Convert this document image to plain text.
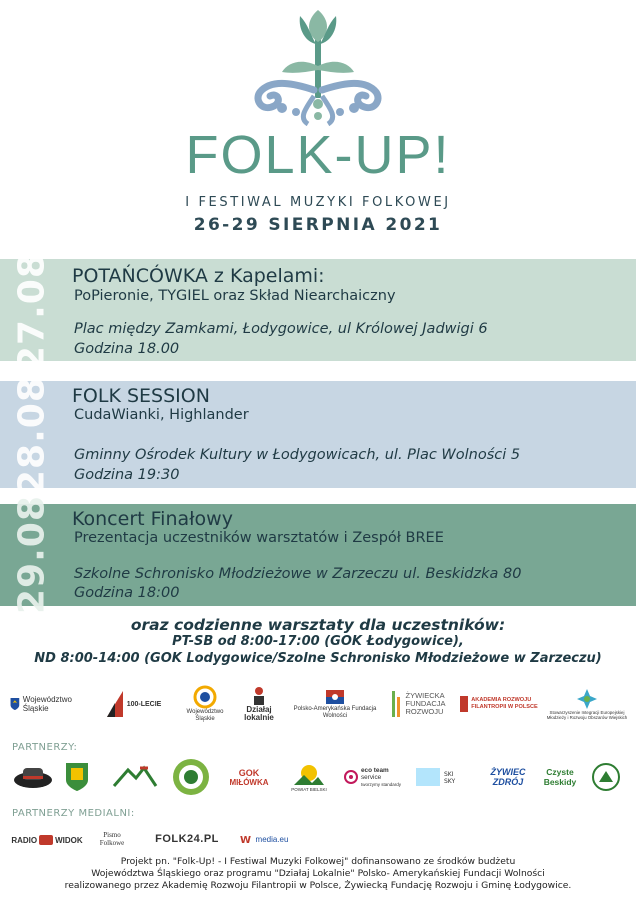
FOLK-UP!
I FESTIWAL MUZYKI FOLKOWEJ
26-29 SIERPNIA 2021
27.08 POTAŃCÓWKA z Kapelami:
PoPieronie, TYGIEL oraz Skład Niearchaiczny
Plac między Zamkami, Łodygowice, ul Królowej Jadwigi 6
Godzina 18.00
28.08 FOLK SESSION
CudaWianki, Highlander
Gminny Ośrodek Kultury w Łodygowicach, ul. Plac Wolności 5
Godzina 19:30
29.08 Koncert Finałowy
Prezentacja uczestników warsztatów i Zespół BREE
Szkolne Schronisko Młodzieżowe w Zarzeczu ul. Beskidzka 80
Godzina 18:00
oraz codzienne warsztaty dla uczestników:
PT-SB od 8:00-17:00 (GOK Łodygowice),
ND 8:00-14:00 (GOK Lodygowice/Szolne Schronisko Młodzieżowe w Zarzeczu)
Województwo
Śląskie	100-LECIE
Województwo Śląskie
Działaj
lokalnie
Polsko-Amerykańska Fundacja Wolności
ŻYWIECKA
FUNDACJA
ROZWOJU
AKADEMIA ROZWOJU
FILANTROPII W POLSCE
Stowarzyszenie Integracji Europejskiej Młodzieży i Rozwoju Obszarów Wiejskich
PARTNERZY:
GOK
MIŁÓWKA
POWIAT BIELSKI
eco team
service
tworzymy standardy
SKI
SKY
ŻYWIEC ZDRÓJ
Czyste
Beskidy
PARTNERZY MEDIALNI:
RADIO WIDOK
Pismo
Folkowe	FOLK24.PL W media.eu
Projekt pn. "Folk-Up! - I Festiwal Muzyki Folkowej" dofinansowano ze środków budżetu
Województwa Śląskiego oraz programu "Działaj Lokalnie" Polsko- Amerykańskiej Fundacji Wolności
realizowanego przez Akademię Rozwoju Filantropii w Polsce, Żywiecką Fundację Rozwoju i Gminę Łodygowice.
